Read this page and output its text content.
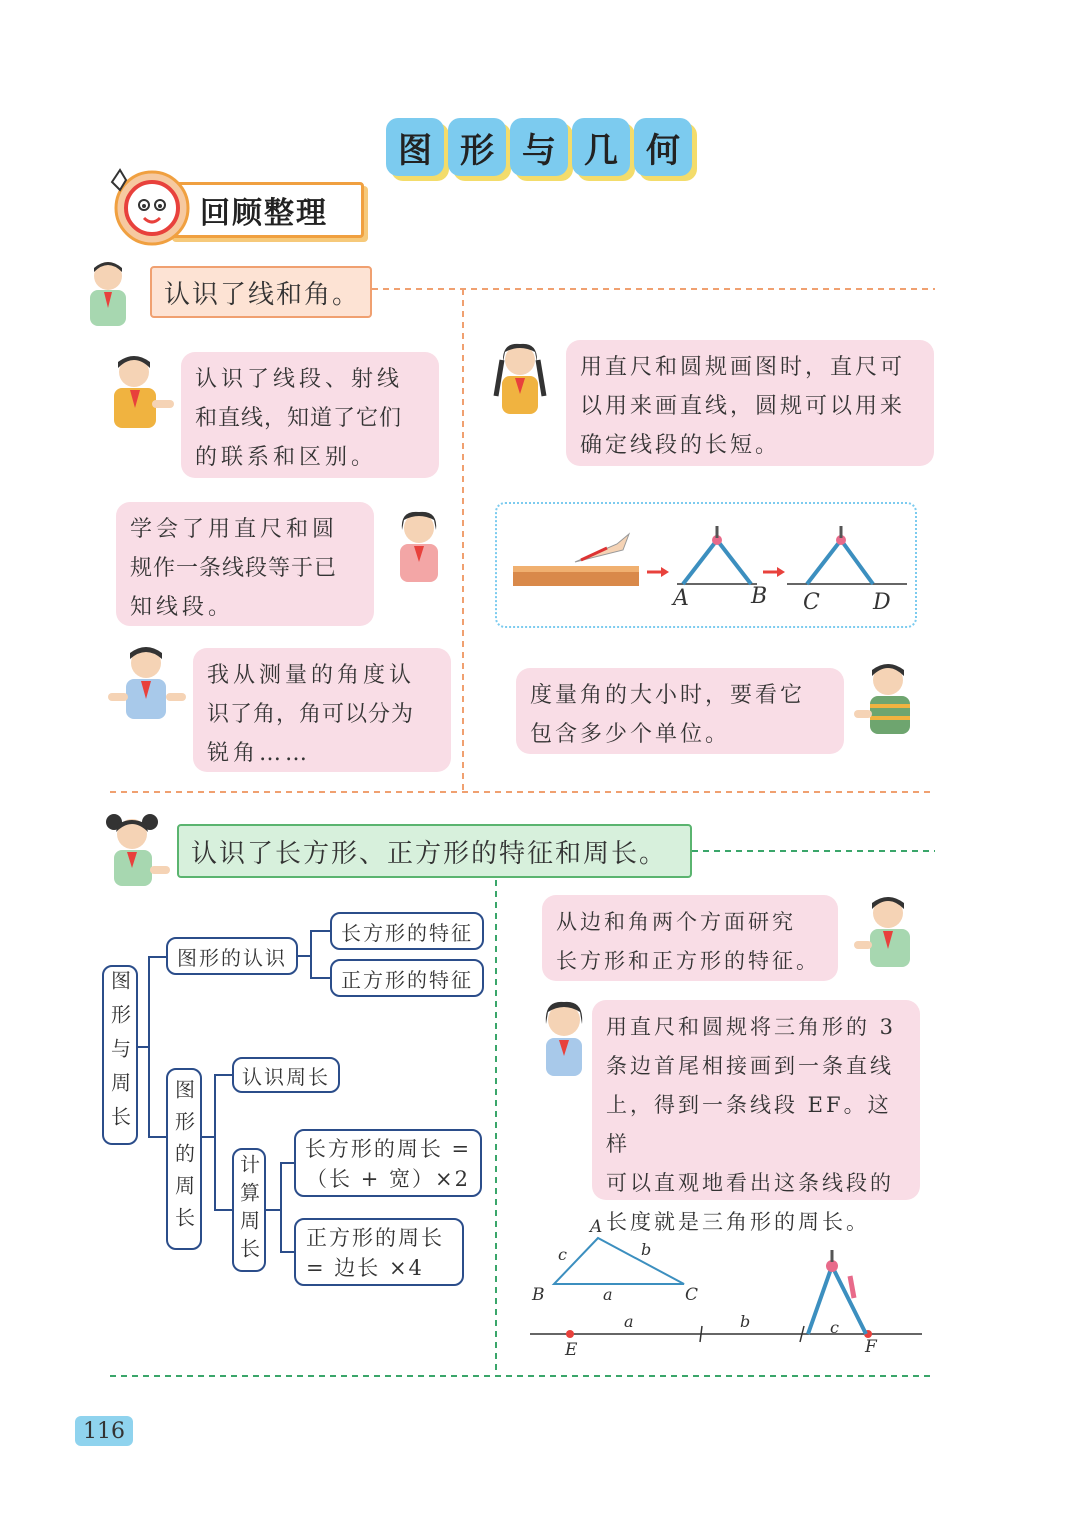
图 形 与 几 何
回顾整理
认识了线和角。
认识了线段、射线
和直线，知道了它们
的联系和区别。
学会了用直尺和圆
规作一条线段等于已
知线段。
我从测量的角度认
识了角，角可以分为
锐角……
用直尺和圆规画图时，直尺可
以用来画直线，圆规可以用来
确定线段的长短。
A	B C D
度量角的大小时，要看它
包含多少个单位。
认识了长方形、正方形的特征和周长。
图形与周长
图形的认识
长方形的特征
正方形的特征
图形的周长
认识周长
计算周长
长方形的周长 =
（长 + 宽）×2
正方形的周长
= 边长 ×4
从边和角两个方面研究
长方形和正方形的特征。
用直尺和圆规将三角形的 3
条边首尾相接画到一条直线
上，得到一条线段 EF。这样
可以直观地看出这条线段的
长度就是三角形的周长。
A
B	C
a
b
c
a	b	c
E	F
116
